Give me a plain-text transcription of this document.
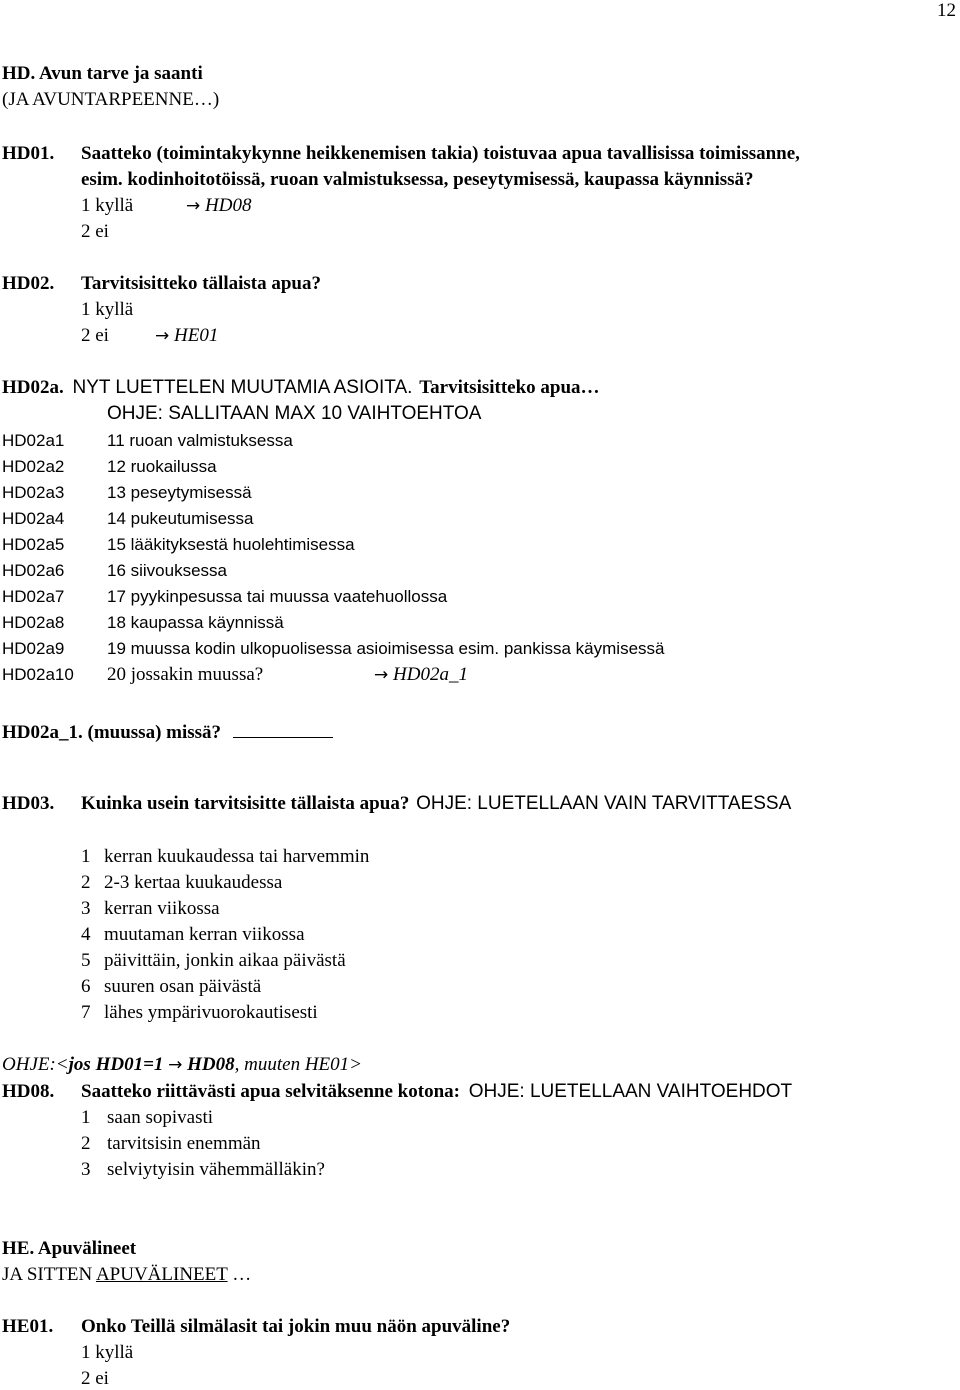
12
HD. Avun tarve ja saanti
(JA AVUNTARPEENNE…)
HD01. Saatteko (toimintakykynne heikkenemisen takia) toistuvaa apua tavallisissa toimissanne,
esim. kodinhoitotöissä, ruoan valmistuksessa, peseytymisessä, kaupassa käynnissä?
1 kyllä	→ HD08
2 ei
HD02. Tarvitsisitteko tällaista apua?
1 kyllä
2 ei	→ HE01
HD02a. NYT LUETTELEN MUUTAMIA ASIOITA. Tarvitsisitteko apua…
OHJE: SALLITAAN MAX 10 VAIHTOEHTOA
HD02a1	11 ruoan valmistuksessa
HD02a2	12 ruokailussa
HD02a3	13 peseytymisessä
HD02a4	14 pukeutumisessa
HD02a5	15 lääkityksestä huolehtimisessa
HD02a6	16 siivouksessa
HD02a7	17 pyykinpesussa tai muussa vaatehuollossa
HD02a8	18 kaupassa käynnissä
HD02a9	19 muussa kodin ulkopuolisessa asioimisessa esim. pankissa käymisessä
HD02a10 20 jossakin muussa?	→ HD02a_1
HD02a_1. (muussa) missä?
HD03. Kuinka usein tarvitsisitte tällaista apua? OHJE: LUETELLAAN VAIN TARVITTAESSA
1 kerran kuukaudessa tai harvemmin
2 2-3 kertaa kuukaudessa
3 kerran viikossa
4 muutaman kerran viikossa
5 päivittäin, jonkin aikaa päivästä
6 suuren osan päivästä
7 lähes ympärivuorokautisesti
OHJE:<jos HD01=1 → HD08, muuten HE01>
HD08. Saatteko riittävästi apua selvitäksenne kotona: OHJE: LUETELLAAN VAIHTOEHDOT
1 saan sopivasti
2 tarvitsisin enemmän
3 selviytyisin vähemmälläkin?
HE. Apuvälineet
JA SITTEN APUVÄLINEET …
HE01. Onko Teillä silmälasit tai jokin muu näön apuväline?
1 kyllä
2 ei
